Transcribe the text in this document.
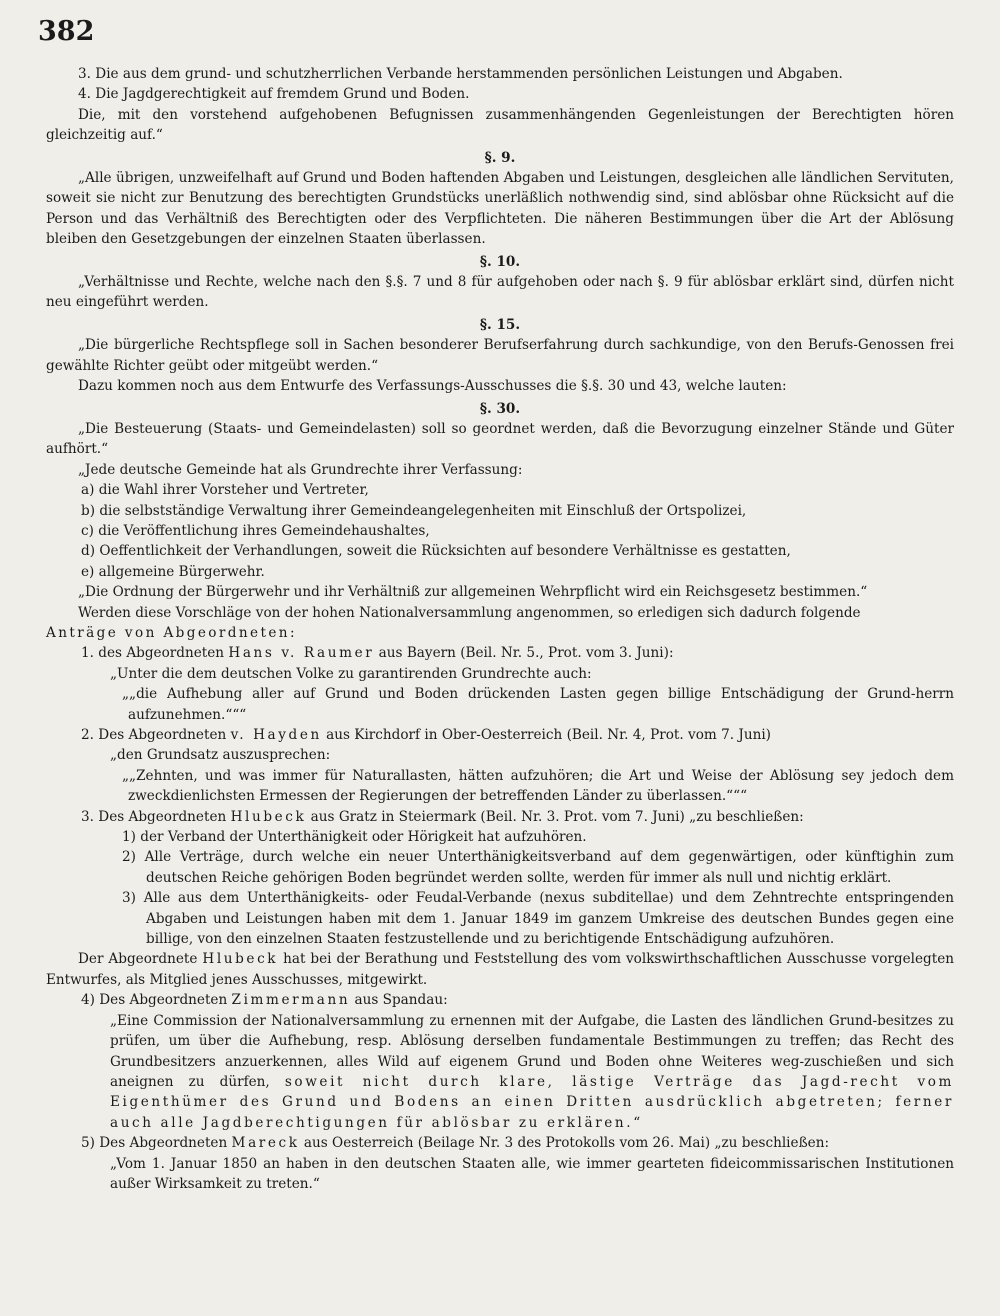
382

3. Die aus dem grund- und schutzherrlichen Verbande herstammenden persönlichen Leistungen und Abgaben.

4. Die Jagdgerechtigkeit auf fremdem Grund und Boden.

Die, mit den vorstehend aufgehobenen Befugnissen zusammenhängenden Gegenleistungen der Berechtigten hören gleichzeitig auf.“

§. 9.

„Alle übrigen, unzweifelhaft auf Grund und Boden haftenden Abgaben und Leistungen, desgleichen alle ländlichen Servituten, soweit sie nicht zur Benutzung des berechtigten Grundstücks unerläßlich nothwendig sind, sind ablösbar ohne Rücksicht auf die Person und das Verhältniß des Berechtigten oder des Verpflichteten. Die näheren Bestimmungen über die Art der Ablösung bleiben den Gesetzgebungen der einzelnen Staaten überlassen.

§. 10.

„Verhältnisse und Rechte, welche nach den §.§. 7 und 8 für aufgehoben oder nach §. 9 für ablösbar erklärt sind, dürfen nicht neu eingeführt werden.

§. 15.

„Die bürgerliche Rechtspflege soll in Sachen besonderer Berufserfahrung durch sachkundige, von den Berufs-Genossen frei gewählte Richter geübt oder mitgeübt werden.“

Dazu kommen noch aus dem Entwurfe des Verfassungs-Ausschusses die §.§. 30 und 43, welche lauten:

§. 30.

„Die Besteuerung (Staats- und Gemeindelasten) soll so geordnet werden, daß die Bevorzugung einzelner Stände und Güter aufhört.“

„Jede deutsche Gemeinde hat als Grundrechte ihrer Verfassung:

a) die Wahl ihrer Vorsteher und Vertreter,

b) die selbstständige Verwaltung ihrer Gemeindeangelegenheiten mit Einschluß der Ortspolizei,

c) die Veröffentlichung ihres Gemeindehaushaltes,

d) Oeffentlichkeit der Verhandlungen, soweit die Rücksichten auf besondere Verhältnisse es gestatten,

e) allgemeine Bürgerwehr.

„Die Ordnung der Bürgerwehr und ihr Verhältniß zur allgemeinen Wehrpflicht wird ein Reichsgesetz bestimmen.“

Werden diese Vorschläge von der hohen Nationalversammlung angenommen, so erledigen sich dadurch folgende

Anträge von Abgeordneten:

1. des Abgeordneten Hans v. Raumer aus Bayern (Beil. Nr. 5., Prot. vom 3. Juni):

„Unter die dem deutschen Volke zu garantirenden Grundrechte auch:

„„die Aufhebung aller auf Grund und Boden drückenden Lasten gegen billige Entschädigung der Grund-herrn aufzunehmen.“““

2. Des Abgeordneten v. Hayden aus Kirchdorf in Ober-Oesterreich (Beil. Nr. 4, Prot. vom 7. Juni)

„den Grundsatz auszusprechen:

„„Zehnten, und was immer für Naturallasten, hätten aufzuhören; die Art und Weise der Ablösung sey jedoch dem zweckdienlichsten Ermessen der Regierungen der betreffenden Länder zu überlassen.“““

3. Des Abgeordneten Hlubeck aus Gratz in Steiermark (Beil. Nr. 3. Prot. vom 7. Juni) „zu beschließen:

1) der Verband der Unterthänigkeit oder Hörigkeit hat aufzuhören.

2) Alle Verträge, durch welche ein neuer Unterthänigkeitsverband auf dem gegenwärtigen, oder künftighin zum deutschen Reiche gehörigen Boden begründet werden sollte, werden für immer als null und nichtig erklärt.

3) Alle aus dem Unterthänigkeits- oder Feudal-Verbande (nexus subditellae) und dem Zehntrechte entspringenden Abgaben und Leistungen haben mit dem 1. Januar 1849 im ganzem Umkreise des deutschen Bundes gegen eine billige, von den einzelnen Staaten festzustellende und zu berichtigende Entschädigung aufzuhören.

Der Abgeordnete Hlubeck hat bei der Berathung und Feststellung des vom volkswirthschaftlichen Ausschusse vorgelegten Entwurfes, als Mitglied jenes Ausschusses, mitgewirkt.

4) Des Abgeordneten Zimmermann aus Spandau:

„Eine Commission der Nationalversammlung zu ernennen mit der Aufgabe, die Lasten des ländlichen Grund-besitzes zu prüfen, um über die Aufhebung, resp. Ablösung derselben fundamentale Bestimmungen zu treffen; das Recht des Grundbesitzers anzuerkennen, alles Wild auf eigenem Grund und Boden ohne Weiteres weg-zuschießen und sich aneignen zu dürfen, soweit nicht durch klare, lästige Verträge das Jagd-recht vom Eigenthümer des Grund und Bodens an einen Dritten ausdrücklich abgetreten; ferner auch alle Jagdberechtigungen für ablösbar zu erklären.“

5) Des Abgeordneten Mareck aus Oesterreich (Beilage Nr. 3 des Protokolls vom 26. Mai) „zu beschließen:

„Vom 1. Januar 1850 an haben in den deutschen Staaten alle, wie immer gearteten fideicommissarischen Institutionen außer Wirksamkeit zu treten.“
